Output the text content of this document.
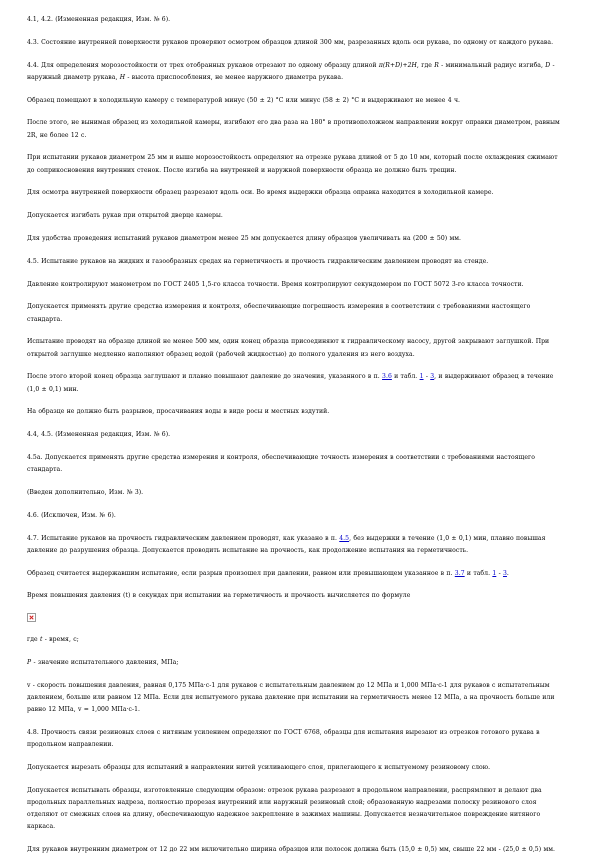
4.1, 4.2. (Измененная редакция, Изм. № 6).

4.3. Состояние внутренней поверхности рукавов проверяют осмотром образцов длиной 300 мм, разрезанных вдоль оси рукава, по одному от каждого рукава.

4.4. Для определения морозостойкости от трех отобранных рукавов отрезают по одному образцу длиной π(R+D)+2H, где R - минимальный радиус изгиба, D - наружный диаметр рукава, H - высота приспособления, не менее наружного диаметра рукава.

Образец помещают в холодильную камеру с температурой минус (50 ± 2) °С или минус (58 ± 2) °С и выдерживают не менее 4 ч.

После этого, не вынимая образец из холодильной камеры, изгибают его два раза на 180° в противоположном направлении вокруг оправки диаметром, равным 2R, не более 12 с.

При испытании рукавов диаметром 25 мм и выше морозостойкость определяют на отрезке рукава длиной от 5 до 10 мм, который после охлаждения сжимают до соприкосновения внутренних стенок. После изгиба на внутренней и наружной поверхности образца не должно быть трещин.

Для осмотра внутренней поверхности образец разрезают вдоль оси. Во время выдержки образца оправка находится в холодильной камере.

Допускается изгибать рукав при открытой дверце камеры.

Для удобства проведения испытаний рукавов диаметром менее 25 мм допускается длину образцов увеличивать на (200 ± 50) мм.

4.5. Испытание рукавов на жидких и газообразных средах на герметичность и прочность гидравлическим давлением проводят на стенде.

Давление контролируют манометром по ГОСТ 2405 1,5-го класса точности. Время контролируют секундомером по ГОСТ 5072 3-го класса точности.

Допускается применять другие средства измерения и контроля, обеспечивающие погрешность измерения в соответствии с требованиями настоящего стандарта.

Испытание проводят на образце длиной не менее 500 мм, один конец образца присоединяют к гидравлическому насосу, другой закрывают заглушкой. При открытой заглушке медленно наполняют образец водой (рабочей жидкостью) до полного удаления из него воздуха.

После этого второй конец образца заглушают и плавно повышают давление до значения, указанного в п. 3.6 и табл. 1 - 3, и выдерживают образец в течение (1,0 ± 0,1) мин.

На образце не должно быть разрывов, просачивания воды в виде росы и местных вздутий.

4.4, 4.5. (Измененная редакция, Изм. № 6).

4.5а. Допускается применять другие средства измерения и контроля, обеспечивающие точность измерения в соответствии с требованиями настоящего стандарта.

(Введен дополнительно, Изм. № 3).

4.6. (Исключен, Изм. № 6).

4.7. Испытание рукавов на прочность гидравлическим давлением проводят, как указано в п. 4.5, без выдержки в течение (1,0 ± 0,1) мин, плавно повышая давление до разрушения образца. Допускается проводить испытание на прочность, как продолжение испытания на герметичность.

Образец считается выдержавшим испытание, если разрыв произошел при давлении, равном или превышающем указанное в п. 3.7 и табл. 1 - 3.

Время повышения давления (t) в секундах при испытании на герметичность и прочность вычисляется по формуле

где t - время, с;

P - значение испытательного давления, МПа;

v - скорость повышения давления, равная 0,175 МПа·с-1 для рукавов с испытательным давлением до 12 МПа и 1,000 МПа·с-1 для рукавов с испытательным давлением, больше или равном 12 МПа. Если для испытуемого рукава давление при испытании на герметичность менее 12 МПа, а на прочность больше или равно 12 МПа, v = 1,000 МПа·с-1.

4.8. Прочность связи резиновых слоев с нитяным усилением определяют по ГОСТ 6768, образцы для испытания вырезают из отрезков готового рукава в продольном направлении.

Допускается вырезать образцы для испытаний в направлении нитей усиливающего слоя, прилегающего к испытуемому резиновому слою.

Допускается испытывать образцы, изготовленные следующим образом: отрезок рукава разрезают в продольном направлении, распрямляют и делают два продольных параллельных надреза, полностью прорезая внутренний или наружный резиновый слой; образованную надрезами полоску резинового слоя отделяют от смежных слоев на длину, обеспечивающую надежное закрепление в зажимах машины. Допускается незначительное повреждение нитяного каркаса.

Для рукавов внутренним диаметром от 12 до 22 мм включительно ширина образцов или полосок должна быть (15,0 ± 0,5) мм, свыше 22 мм - (25,0 ± 0,5) мм.
